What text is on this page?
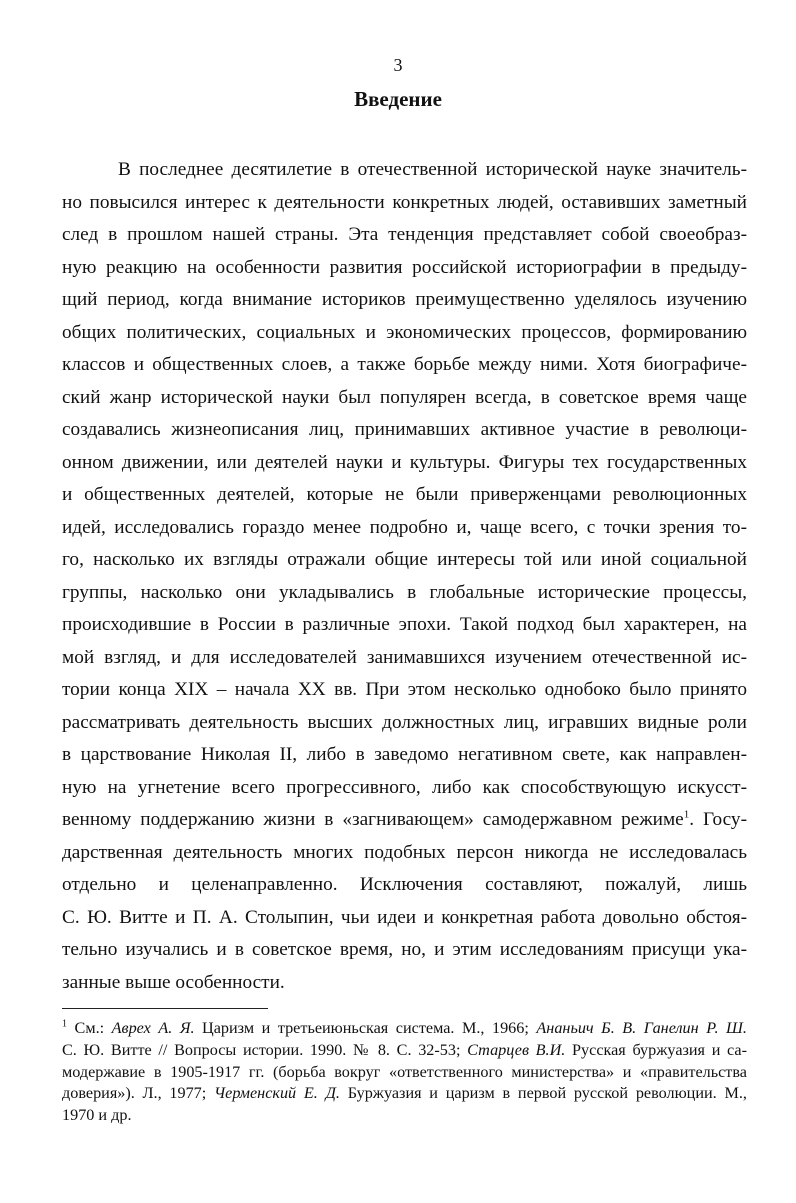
3
Введение
В последнее десятилетие в отечественной исторической науке значитель-
но повысился интерес к деятельности конкретных людей, оставивших заметный
след в прошлом нашей страны. Эта тенденция представляет собой своеобраз-
ную реакцию на особенности развития российской историографии в предыду-
щий период, когда внимание историков преимущественно уделялось изучению
общих политических, социальных и экономических процессов, формированию
классов и общественных слоев, а также борьбе между ними. Хотя биографиче-
ский жанр исторической науки был популярен всегда, в советское время чаще
создавались жизнеописания лиц, принимавших активное участие в революци-
онном движении, или деятелей науки и культуры. Фигуры тех государственных
и общественных деятелей, которые не были приверженцами революционных
идей, исследовались гораздо менее подробно и, чаще всего, с точки зрения то-
го, насколько их взгляды отражали общие интересы той или иной социальной
группы, насколько они укладывались в глобальные исторические процессы,
происходившие в России в различные эпохи. Такой подход был характерен, на
мой взгляд, и для исследователей занимавшихся изучением отечественной ис-
тории конца XIX – начала XX вв. При этом несколько однобоко было принято
рассматривать деятельность высших должностных лиц, игравших видные роли
в царствование Николая II, либо в заведомо негативном свете, как направлен-
ную на угнетение всего прогрессивного, либо как способствующую искусст-
венному поддержанию жизни в «загнивающем» самодержавном режиме$^1$. Госу-
дарственная деятельность многих подобных персон никогда не исследовалась
отдельно и целенаправленно. Исключения составляют, пожалуй, лишь
С. Ю. Витте и П. А. Столыпин, чьи идеи и конкретная работа довольно обстоя-
тельно изучались и в советское время, но, и этим исследованиям присущи ука-
занные выше особенности.
$^1$ См.: Аврех А. Я. Царизм и третьеиюньская система. М., 1966; Ананьич Б. В. Ганелин Р. Ш.
С. Ю. Витте // Вопросы истории. 1990. № 8. С. 32-53; Старцев В.И. Русская буржуазия и са-
модержавие в 1905-1917 гг. (борьба вокруг «ответственного министерства» и «правительства
доверия»). Л., 1977; Черменский Е. Д. Буржуазия и царизм в первой русской революции. М.,
1970 и др.
